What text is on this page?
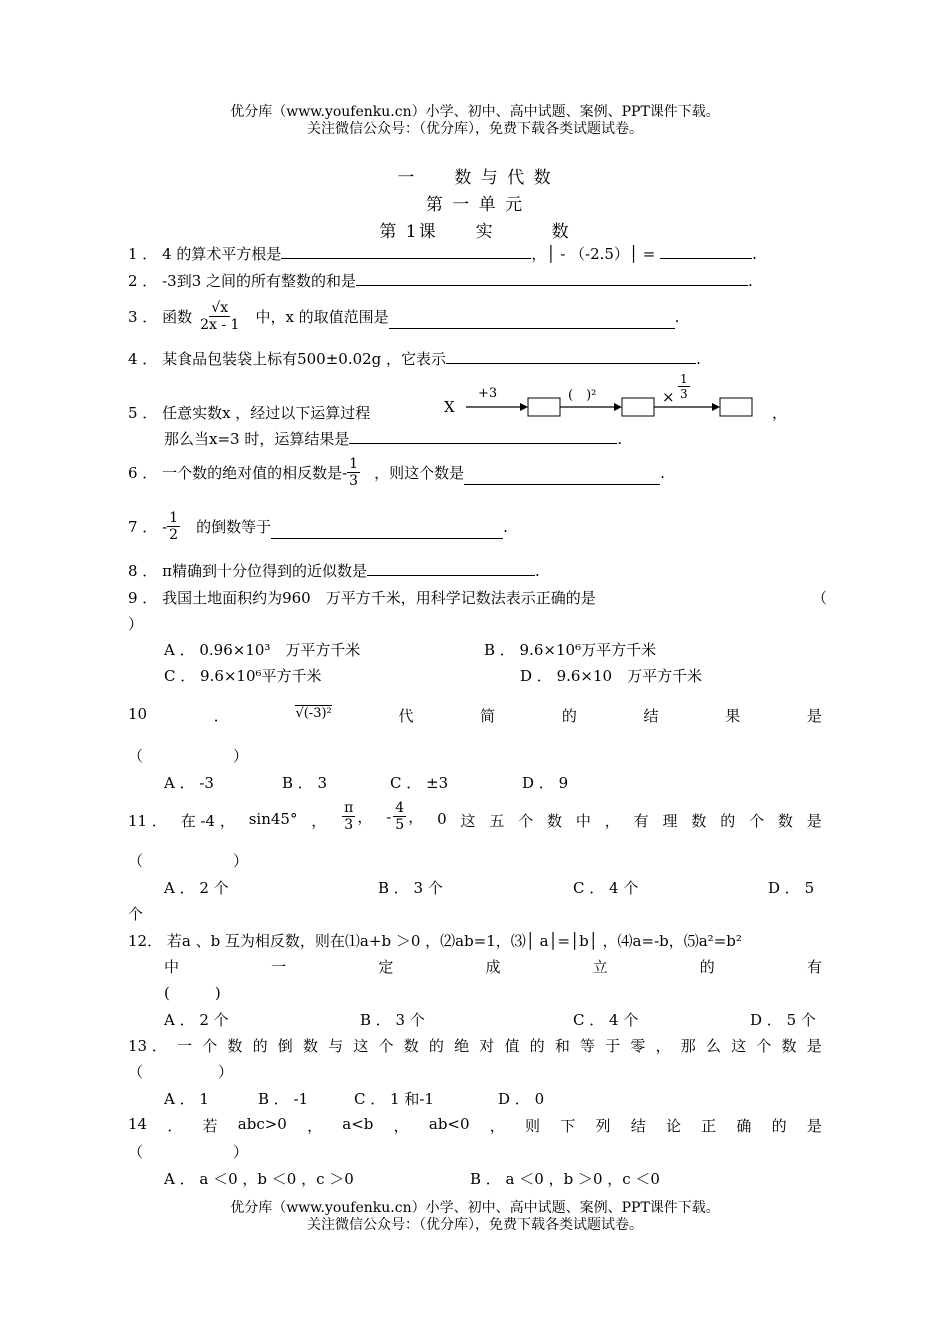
优分库（www.youfenku.cn）小学、初中、高中试题、案例、PPT课件下载。
关注微信公众号：（优分库），免费下载各类试题试卷。
一　　数 与 代 数
第 一 单 元
第 1课　　实　　　数
1 ． 4 的算术平方根是	，│ - （-2.5）│ =	.
2 ． -3到3 之间的所有整数的和是	.
3 ． 函数 $\frac{√x}{2x - 1}$ 中，x 的取值范围是	.
4 ． 某食品包装袋上标有500±0.02g ，它表示	.
5 ． 任意实数x ，经过以下运算过程	X
+3	(　)²	× $\frac{1}{3}$
，
那么当x=3 时，运算结果是	.
6 ． 一个数的绝对值的相反数是- $\frac{1}{3}$ ，则这个数是	.
7 ． - $\frac{1}{2}$ 的倒数等于	.
8 ． π精确到十分位得到的近似数是	.
9 ． 我国土地面积约为960　万平方千米，用科学记数法表示正确的是	（
）
A ． 0.96×10³　万平方千米	B ． 9.6×10⁶万平方千米
C ． 9.6×10⁶平方千米	D ． 9.6×10　万平方千米
10	．	√(-3)²	代	简	的	结	果	是
（　　　　　　）
A ． -3	B ． 3	C ． ±3	D ． 9
11 ． 在 -4 ， sin45° ， $\frac{\pi}{3}$ ， - $\frac{4}{5}$ ， 0 这 五 个 数 中 ， 有 理 数 的 个 数 是
（　　　　　　）
A ． 2 个	B ． 3 个	C ． 4 个	D ． 5
个
12． 若a 、b 互为相反数，则在⑴a+b ＞0 ，⑵ab=1，⑶│ a│=│b│ ，⑷a=-b，⑸a²=b²
中	一	定	成	立	的	有
(　　　)
A ． 2 个	B ． 3 个	C ． 4 个	D ． 5 个
13 ． 一 个 数 的 倒 数 与 这 个 数 的 绝 对 值 的 和 等 于 零 ， 那 么 这 个 数 是
（　　　　　）
A ． 1	B ． -1	C ． 1 和-1	D ． 0
14 ． 若 abc>0 ， a<b ， ab<0 ， 则 下 列 结 论 正 确 的 是
（　　　　　　）
A ． a ＜0 ，b ＜0 ，c ＞0	B ． a ＜0 ，b ＞0 ，c ＜0
优分库（www.youfenku.cn）小学、初中、高中试题、案例、PPT课件下载。
关注微信公众号：（优分库），免费下载各类试题试卷。
